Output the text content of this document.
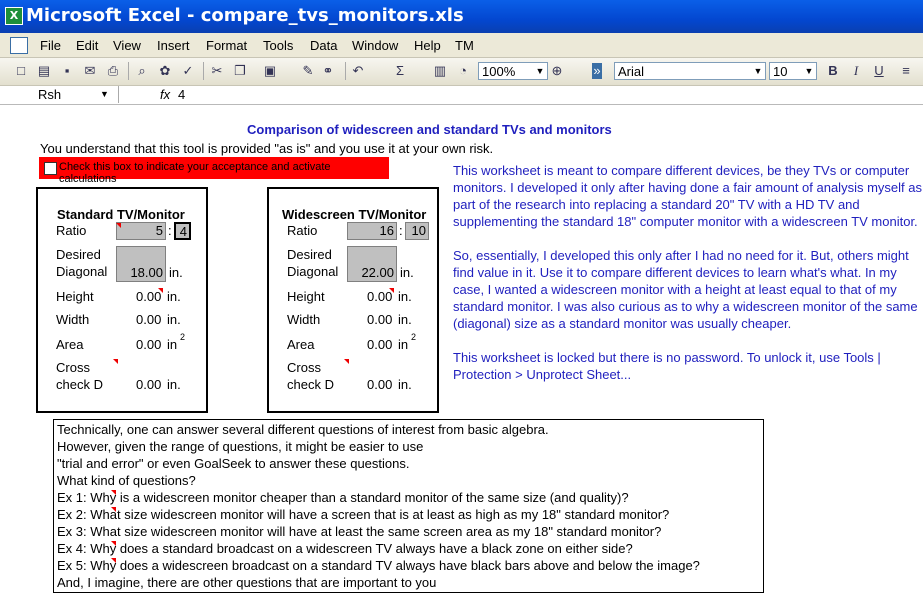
X Microsoft Excel - compare_tvs_monitors.xls
File Edit View Insert Format Tools Data Window Help TM
□ ▤	▪	✉ ⎙	⌕	✿ ✓ ✂ ❐ ▣ ✎ ⚭ ↶	Σ	▥ ◔	100% ▼ ⊕ »	Arial	▼ 10 ▼ B	I	U	≡
Rsh	▼	fx 4
Comparison of widescreen and standard TVs and monitors
You understand that this tool is provided "as is" and you use it at your own risk.
Check this box to indicate your acceptance and activate calculations
This worksheet is meant to compare different devices, be they TVs or computer monitors. I developed it only after having done a fair amount of analysis myself as part of the research into replacing a standard 20" TV with a HD TV and supplementing the standard 18" computer monitor with a widescreen TV monitor.
So, essentially, I developed this only after I had no need for it. But, others might find value in it. Use it to compare different devices to learn what's what. In my case, I wanted a widescreen monitor with a height at least equal to that of my standard monitor. I was also curious as to why a widescreen monitor of the same (diagonal) size as a standard monitor was usually cheaper.
This worksheet is locked but there is no password. To unlock it, use Tools | Protection > Unprotect Sheet...
Standard TV/Monitor
Ratio	5 : 4
Desired
Diagonal	18.00 in.
Height	0.00 in.
Width	0.00 in.
Area	0.00 in 2
Cross
check D	0.00 in.
Widescreen TV/Monitor
Ratio	16 : 10
Desired
Diagonal	22.00 in.
Height	0.00 in.
Width	0.00 in.
Area	0.00 in 2
Cross
check D	0.00 in.
Technically, one can answer several different questions of interest from basic algebra.
However, given the range of questions, it might be easier to use
"trial and error" or even GoalSeek to answer these questions.
What kind of questions?
Ex 1: Why is a widescreen monitor cheaper than a standard monitor of the same size (and quality)?
Ex 2: What size widescreen monitor will have a screen that is at least as high as my 18" standard monitor?
Ex 3: What size widescreen monitor will have at least the same screen area as my 18" standard monitor?
Ex 4: Why does a standard broadcast on a widescreen TV always have a black zone on either side?
Ex 5: Why does a widescreen broadcast on a standard TV always have black bars above and below the image?
And, I imagine, there are other questions that are important to you
